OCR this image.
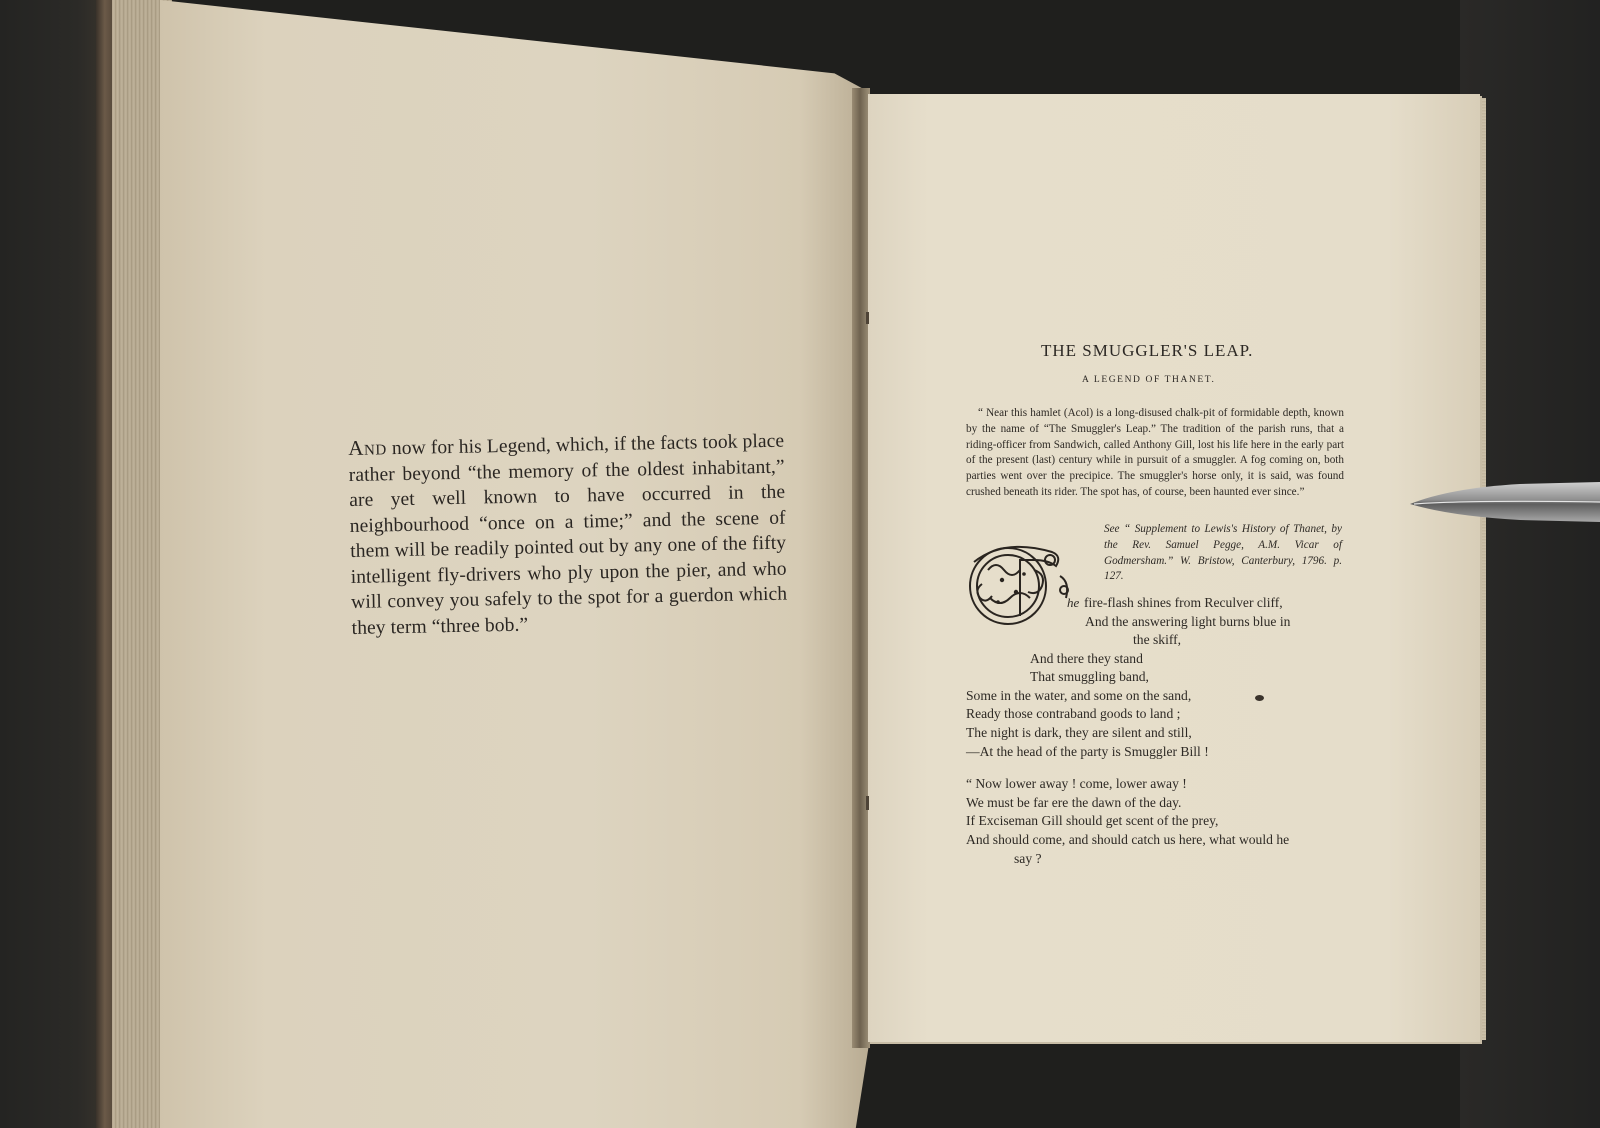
And now for his Legend, which, if the facts took place rather beyond “the memory of the oldest inhabitant,” are yet well known to have occurred in the neighbourhood “once on a time;” and the scene of them will be readily pointed out by any one of the fifty intelligent fly-drivers who ply upon the pier, and who will convey you safely to the spot for a guerdon which they term “three bob.”
THE SMUGGLER'S LEAP.
A LEGEND OF THANET.
“ Near this hamlet (Acol) is a long-disused chalk-pit of formidable depth, known by the name of “The Smuggler's Leap.” The tradition of the parish runs, that a riding-officer from Sandwich, called Anthony Gill, lost his life here in the early part of the present (last) century while in pursuit of a smuggler. A fog coming on, both parties went over the precipice. The smuggler's horse only, it is said, was found crushed beneath its rider. The spot has, of course, been haunted ever since.”
See “ Supplement to Lewis's History of Thanet, by the Rev. Samuel Pegge, A.M. Vicar of Godmersham.” W. Bristow, Canterbury, 1796. p. 127.
he fire-flash shines from Reculver cliff,
And the answering light burns blue in
the skiff,
And there they stand
That smuggling band,
Some in the water, and some on the sand,
Ready those contraband goods to land ;
The night is dark, they are silent and still,
—At the head of the party is Smuggler Bill !
“ Now lower away ! come, lower away !
We must be far ere the dawn of the day.
If Exciseman Gill should get scent of the prey,
And should come, and should catch us here, what would he
say ?
